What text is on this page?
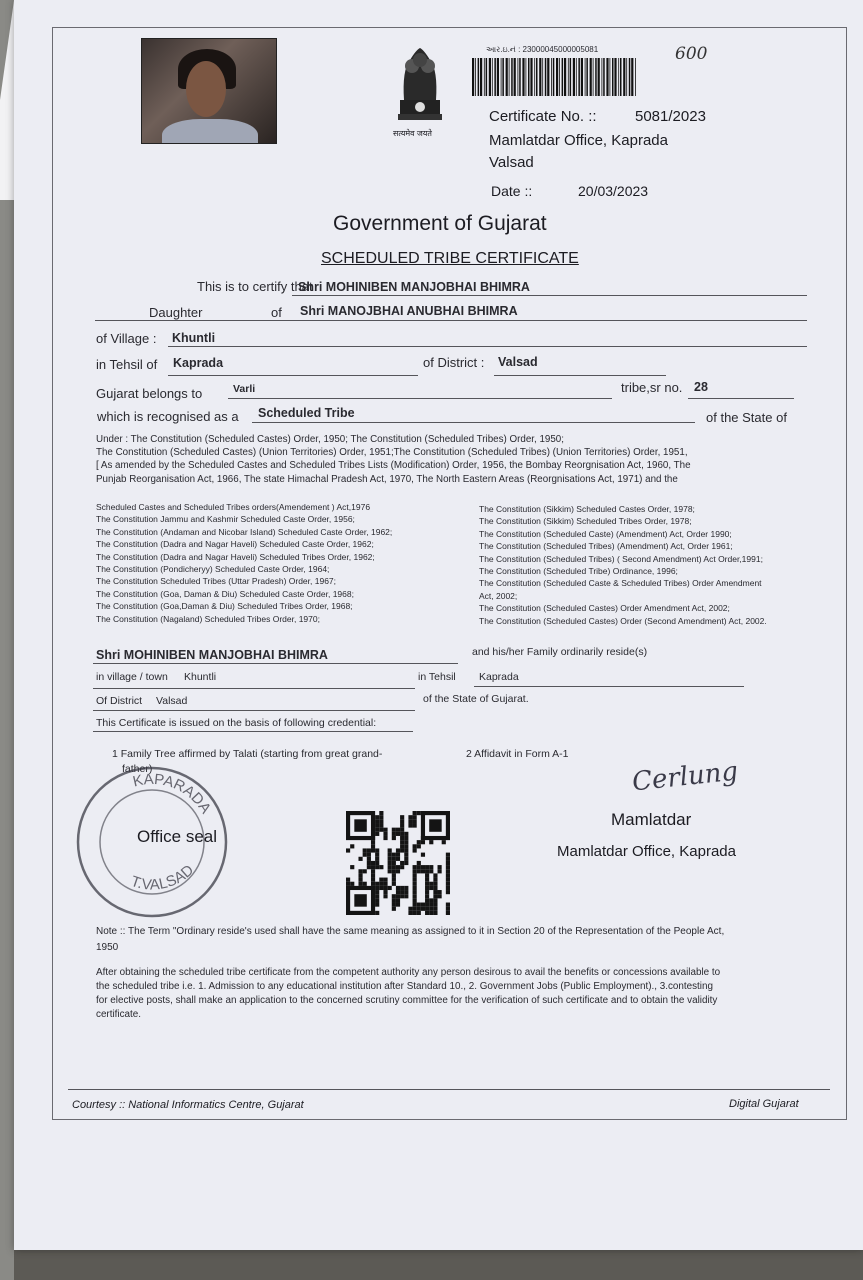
सत्यमेव जयते
આર.ઇ.નં : 23000045000005081	600
Certificate No. ::	5081/2023
Mamlatdar Office, Kaprada
Valsad
Date ::	20/03/2023
Government of Gujarat
SCHEDULED TRIBE CERTIFICATE
This is to certify that
Shri MOHINIBEN MANJOBHAI BHIMRA
Daughter	of Shri MANOJBHAI ANUBHAI BHIMRA
of Village : Khuntli
in Tehsil of Kaprada	of District : Valsad
Gujarat belongs to	Varli	tribe,sr no. 28
which is recognised as a Scheduled Tribe	of the State of
Under : The Constitution (Scheduled Castes) Order, 1950; The Constitution (Scheduled Tribes) Order, 1950;
The Constitution (Scheduled Castes) (Union Territories) Order, 1951;The Constitution (Scheduled Tribes) (Union Territories) Order, 1951,
[ As amended by the Scheduled Castes and Scheduled Tribes Lists (Modification) Order, 1956, the Bombay Reorgnisation Act, 1960, The
Punjab Reorganisation Act, 1966, The state Himachal Pradesh Act, 1970, The North Eastern Areas (Reorgnisations Act, 1971) and the
Scheduled Castes and Scheduled Tribes orders(Amendement ) Act,1976
The Constitution Jammu and Kashmir Scheduled Caste Order, 1956;
The Constitution (Andaman and Nicobar Island) Scheduled Caste Order, 1962;
The Constitution (Dadra and Nagar Haveli) Scheduled Caste Order, 1962;
The Constitution (Dadra and Nagar Haveli) Scheduled Tribes Order, 1962;
The Constitution (Pondicheryy) Scheduled Caste Order, 1964;
The Constitution Scheduled Tribes (Uttar Pradesh) Order, 1967;
The Constitution (Goa, Daman & Diu) Scheduled Caste Order, 1968;
The Constitution (Goa,Daman & Diu) Scheduled Tribes Order, 1968;
The Constitution (Nagaland) Scheduled Tribes Order, 1970;
The Constitution (Sikkim) Scheduled Castes Order, 1978;
The Constitution (Sikkim) Scheduled Tribes Order, 1978;
The Constitution (Scheduled Caste) (Amendment) Act, Order 1990;
The Constitution (Scheduled Tribes) (Amendment) Act, Order 1961;
The Constitution (Scheduled Tribes) ( Second Amendment) Act Order,1991;
The Constitution (Scheduled Tribe) Ordinance, 1996;
The Constitution (Scheduled Caste & Scheduled Tribes) Order Amendment
Act, 2002;
The Constitution (Scheduled Castes) Order Amendment Act, 2002;
The Constitution (Scheduled Castes) Order (Second Amendment) Act, 2002.
Shri MOHINIBEN MANJOBHAI BHIMRA	and his/her Family ordinarily reside(s)
in village / town Khuntli	in Tehsil Kaprada
Of District Valsad	of the State of Gujarat.
This Certificate is issued on the basis of following credential:
1 Family Tree affirmed by Talati (starting from great grand-
father)
2 Affidavit in Form A-1
KAPARADA
T.VALSAD
Office seal
Cerlung
Mamlatdar
Mamlatdar Office, Kaprada
Note :: The Term "Ordinary reside's used shall have the same meaning as assigned to it in Section 20 of the Representation of the People Act,
1950
After obtaining the scheduled tribe certificate from the competent authority any person desirous to avail the benefits or concessions available to
the scheduled tribe i.e. 1. Admission to any educational institution after Standard 10., 2. Government Jobs (Public Employment)., 3.contesting
for elective posts, shall make an application to the concerned scrutiny committee for the verification of such certificate and to obtain the validity
certificate.
Courtesy :: National Informatics Centre, Gujarat	Digital Gujarat
